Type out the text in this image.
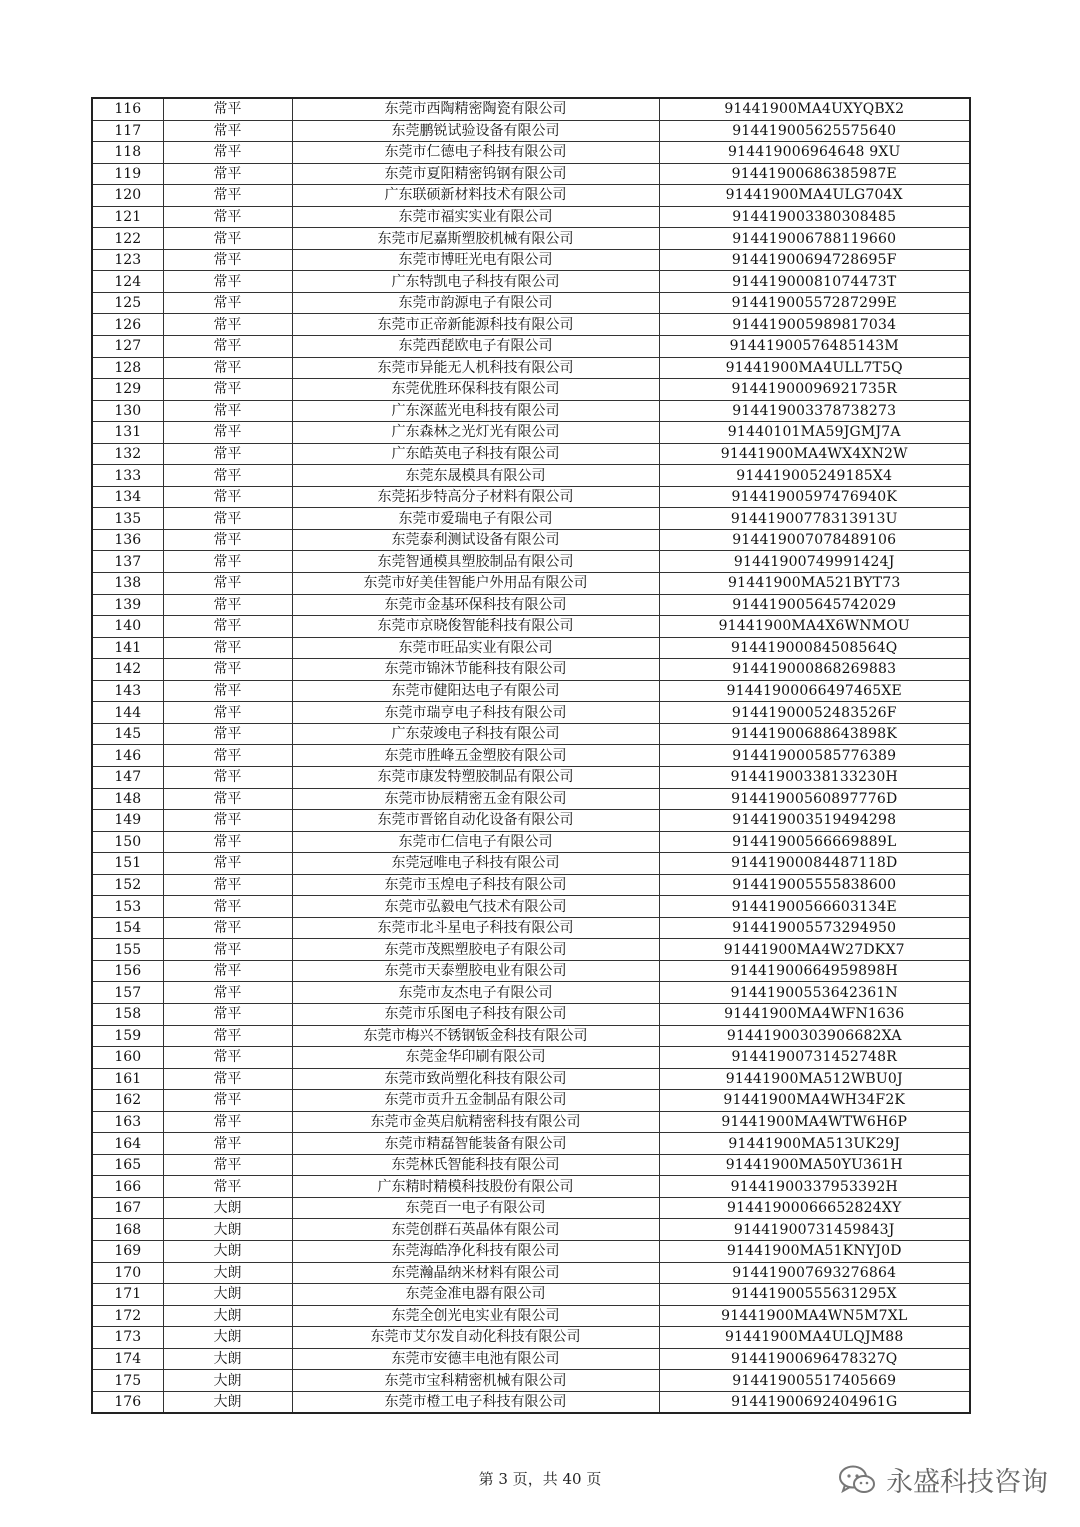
116	常平	东莞市西陶精密陶瓷有限公司	91441900MA4UXYQBX2
117	常平	东莞鹏锐试验设备有限公司	914419005625575640
118	常平	东莞市仁德电子科技有限公司	914419006964648 9XU
119	常平	东莞市夏阳精密钨钢有限公司	91441900686385987E
120	常平	广东联硕新材料技术有限公司	91441900MA4ULG704X
121	常平	东莞市福实实业有限公司	914419003380308485
122	常平	东莞市尼嘉斯塑胶机械有限公司	914419006788119660
123	常平	东莞市博旺光电有限公司	91441900694728695F
124	常平	广东特凯电子科技有限公司	91441900081074473T
125	常平	东莞市韵源电子有限公司	91441900557287299E
126	常平	东莞市正帝新能源科技有限公司	914419005989817034
127	常平	东莞西琵欧电子有限公司	91441900576485143M
128	常平	东莞市异能无人机科技有限公司	91441900MA4ULL7T5Q
129	常平	东莞优胜环保科技有限公司	91441900096921735R
130	常平	广东深蓝光电科技有限公司	914419003378738273
131	常平	广东森林之光灯光有限公司	91440101MA59JGMJ7A
132	常平	广东皓英电子科技有限公司	91441900MA4WX4XN2W
133	常平	东莞东晟模具有限公司	914419005249185X4
134	常平	东莞拓步特高分子材料有限公司	91441900597476940K
135	常平	东莞市爱瑞电子有限公司	91441900778313913U
136	常平	东莞泰利测试设备有限公司	914419007078489106
137	常平	东莞智通模具塑胶制品有限公司	91441900749991424J
138	常平	东莞市好美佳智能户外用品有限公司	91441900MA521BYT73
139	常平	东莞市金基环保科技有限公司	914419005645742029
140	常平	东莞市京晓俊智能科技有限公司	91441900MA4X6WNMOU
141	常平	东莞市旺品实业有限公司	91441900084508564Q
142	常平	东莞市锦沐节能科技有限公司	914419000868269883
143	常平	东莞市健阳达电子有限公司	91441900066497465XE
144	常平	东莞市瑞亨电子科技有限公司	91441900052483526F
145	常平	广东荥竣电子科技有限公司	91441900688643898K
146	常平	东莞市胜峰五金塑胶有限公司	914419000585776389
147	常平	东莞市康发特塑胶制品有限公司	91441900338133230H
148	常平	东莞市协辰精密五金有限公司	91441900560897776D
149	常平	东莞市晋铭自动化设备有限公司	914419003519494298
150	常平	东莞市仁信电子有限公司	91441900566669889L
151	常平	东莞冠唯电子科技有限公司	91441900084487118D
152	常平	东莞市玉煌电子科技有限公司	914419005555838600
153	常平	东莞市弘毅电气技术有限公司	91441900566603134E
154	常平	东莞市北斗星电子科技有限公司	914419005573294950
155	常平	东莞市茂熙塑胶电子有限公司	91441900MA4W27DKX7
156	常平	东莞市天泰塑胶电业有限公司	91441900664959898H
157	常平	东莞市友杰电子有限公司	91441900553642361N
158	常平	东莞市乐图电子科技有限公司	91441900MA4WFN1636
159	常平	东莞市梅兴不锈钢钣金科技有限公司	91441900303906682XA
160	常平	东莞金华印刷有限公司	91441900731452748R
161	常平	东莞市致尚塑化科技有限公司	91441900MA512WBU0J
162	常平	东莞市贡升五金制品有限公司	91441900MA4WH34F2K
163	常平	东莞市金英启航精密科技有限公司	91441900MA4WTW6H6P
164	常平	东莞市精磊智能装备有限公司	91441900MA513UK29J
165	常平	东莞林氏智能科技有限公司	91441900MA50YU361H
166	常平	广东精时精模科技股份有限公司	91441900337953392H
167	大朗	东莞百一电子有限公司	91441900066652824XY
168	大朗	东莞创群石英晶体有限公司	91441900731459843J
169	大朗	东莞海皓净化科技有限公司	91441900MA51KNYJ0D
170	大朗	东莞瀚晶纳米材料有限公司	914419007693276864
171	大朗	东莞金准电器有限公司	91441900555631295X
172	大朗	东莞全创光电实业有限公司	91441900MA4WN5M7XL
173	大朗	东莞市艾尔发自动化科技有限公司	91441900MA4ULQJM88
174	大朗	东莞市安德丰电池有限公司	91441900696478327Q
175	大朗	东莞市宝科精密机械有限公司	914419005517405669
176	大朗	东莞市橙工电子科技有限公司	91441900692404961G
第 3 页，共 40 页	永盛科技咨询
